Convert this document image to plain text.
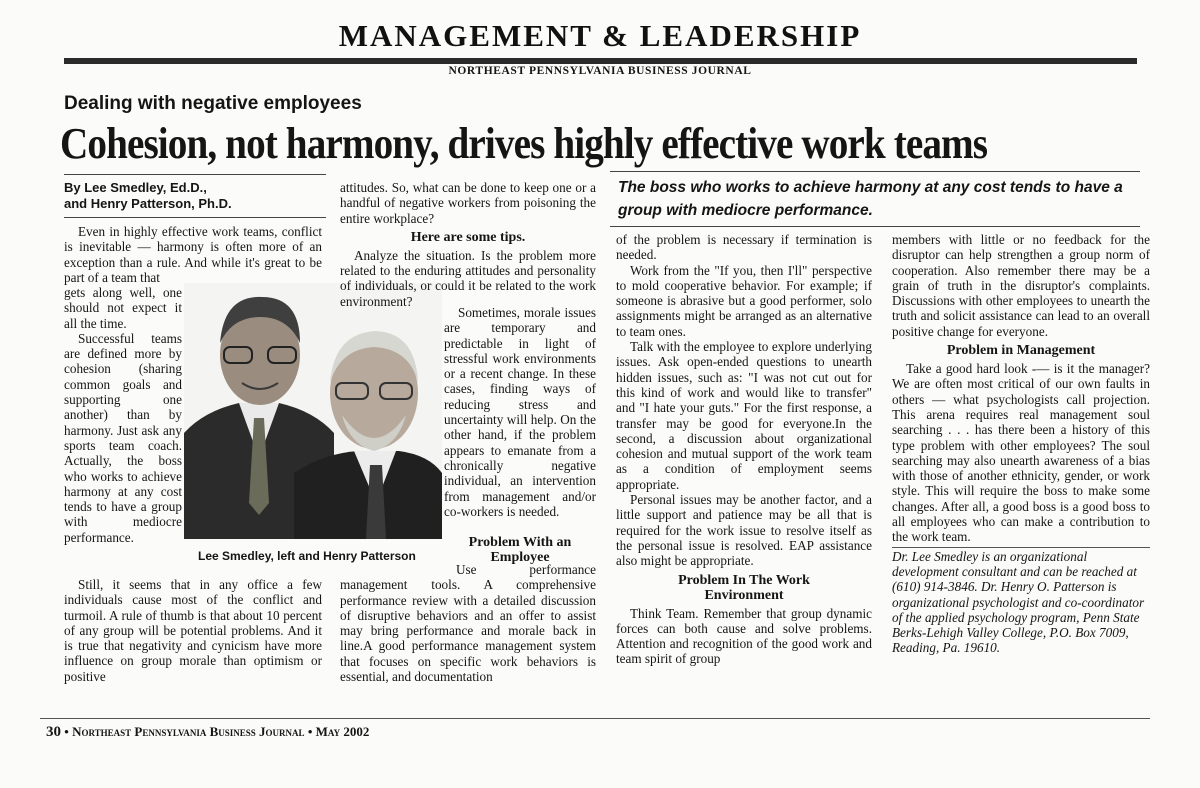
MANAGEMENT & LEADERSHIP
NORTHEAST PENNSYLVANIA BUSINESS JOURNAL
Dealing with negative employees
Cohesion, not harmony, drives highly effective work teams
By Lee Smedley, Ed.D.,
and Henry Patterson, Ph.D.
The boss who works to achieve harmony at any cost tends to have a group with mediocre performance.

Even in highly effective work teams, conflict is inevitable — harmony is often more of an exception than a rule. And while it's great to be part of a team that

gets along well, one should not expect it all the time.

Successful teams are defined more by cohesion (sharing common goals and supporting one another) than by harmony. Just ask any sports team coach. Actually, the boss who works to achieve harmony at any cost tends to have a group with mediocre performance.

Still, it seems that in any office a few individuals cause most of the conflict and turmoil. A rule of thumb is that about 10 percent of any group will be potential problems. And it is true that negativity and cynicism have more influence on group morale than optimism or positive

Lee Smedley, left and Henry Patterson

attitudes. So, what can be done to keep one or a handful of negative workers from poisoning the entire workplace?

Here are some tips.

Analyze the situation. Is the problem more related to the enduring attitudes and personality of individuals, or could it be related to the work environment?

Sometimes, morale issues are temporary and predictable in light of stressful work environments or a recent change. In these cases, finding ways of reducing stress and uncertainty will help. On the other hand, if the problem appears to emanate from a chronically negative individual, an intervention from management and/or co-workers is needed.

Problem With an Employee

Use performance management tools. A comprehensive performance review with a detailed discussion of disruptive behaviors and an offer to assist may bring performance and morale back in line.A good performance management system that focuses on specific work behaviors is essential, and documentation

of the problem is necessary if termination is needed.

Work from the "If you, then I'll" perspective to mold cooperative behavior. For example; if someone is abrasive but a good performer, solo assignments might be arranged as an alternative to team ones.

Talk with the employee to explore underlying issues. Ask open-ended questions to unearth hidden issues, such as: "I was not cut out for this kind of work and would like to transfer" and "I hate your guts." For the first response, a transfer may be good for everyone.In the second, a discussion about organizational cohesion and mutual support of the work team as a condition of employment seems appropriate.

Personal issues may be another factor, and a little support and patience may be all that is required for the work issue to resolve itself as the personal issue is resolved. EAP assistance also might be appropriate.

Problem In The Work Environment

Think Team. Remember that group dynamic forces can both cause and solve problems. Attention and recognition of the good work and team spirit of group

members with little or no feedback for the disruptor can help strengthen a group norm of cooperation. Also remember there may be a grain of truth in the disruptor's complaints. Discussions with other employees to unearth the truth and solicit assistance can lead to an overall positive change for everyone.

Problem in Management

Take a good hard look -— is it the manager? We are often most critical of our own faults in others — what psychologists call projection. This arena requires real management soul searching . . . has there been a history of this type problem with other employees? The soul searching may also unearth awareness of a bias with those of another ethnicity, gender, or work style. This will require the boss to make some changes. After all, a good boss is a good boss to all employees who can make a contribution to the work team.

Dr. Lee Smedley is an organizational development consultant and can be reached at (610) 914-3846. Dr. Henry O. Patterson is organizational psychologist and co-coordinator of the applied psychology program, Penn State Berks-Lehigh Valley College, P.O. Box 7009, Reading, Pa. 19610.
30 • Northeast Pennsylvania Business Journal • May 2002
